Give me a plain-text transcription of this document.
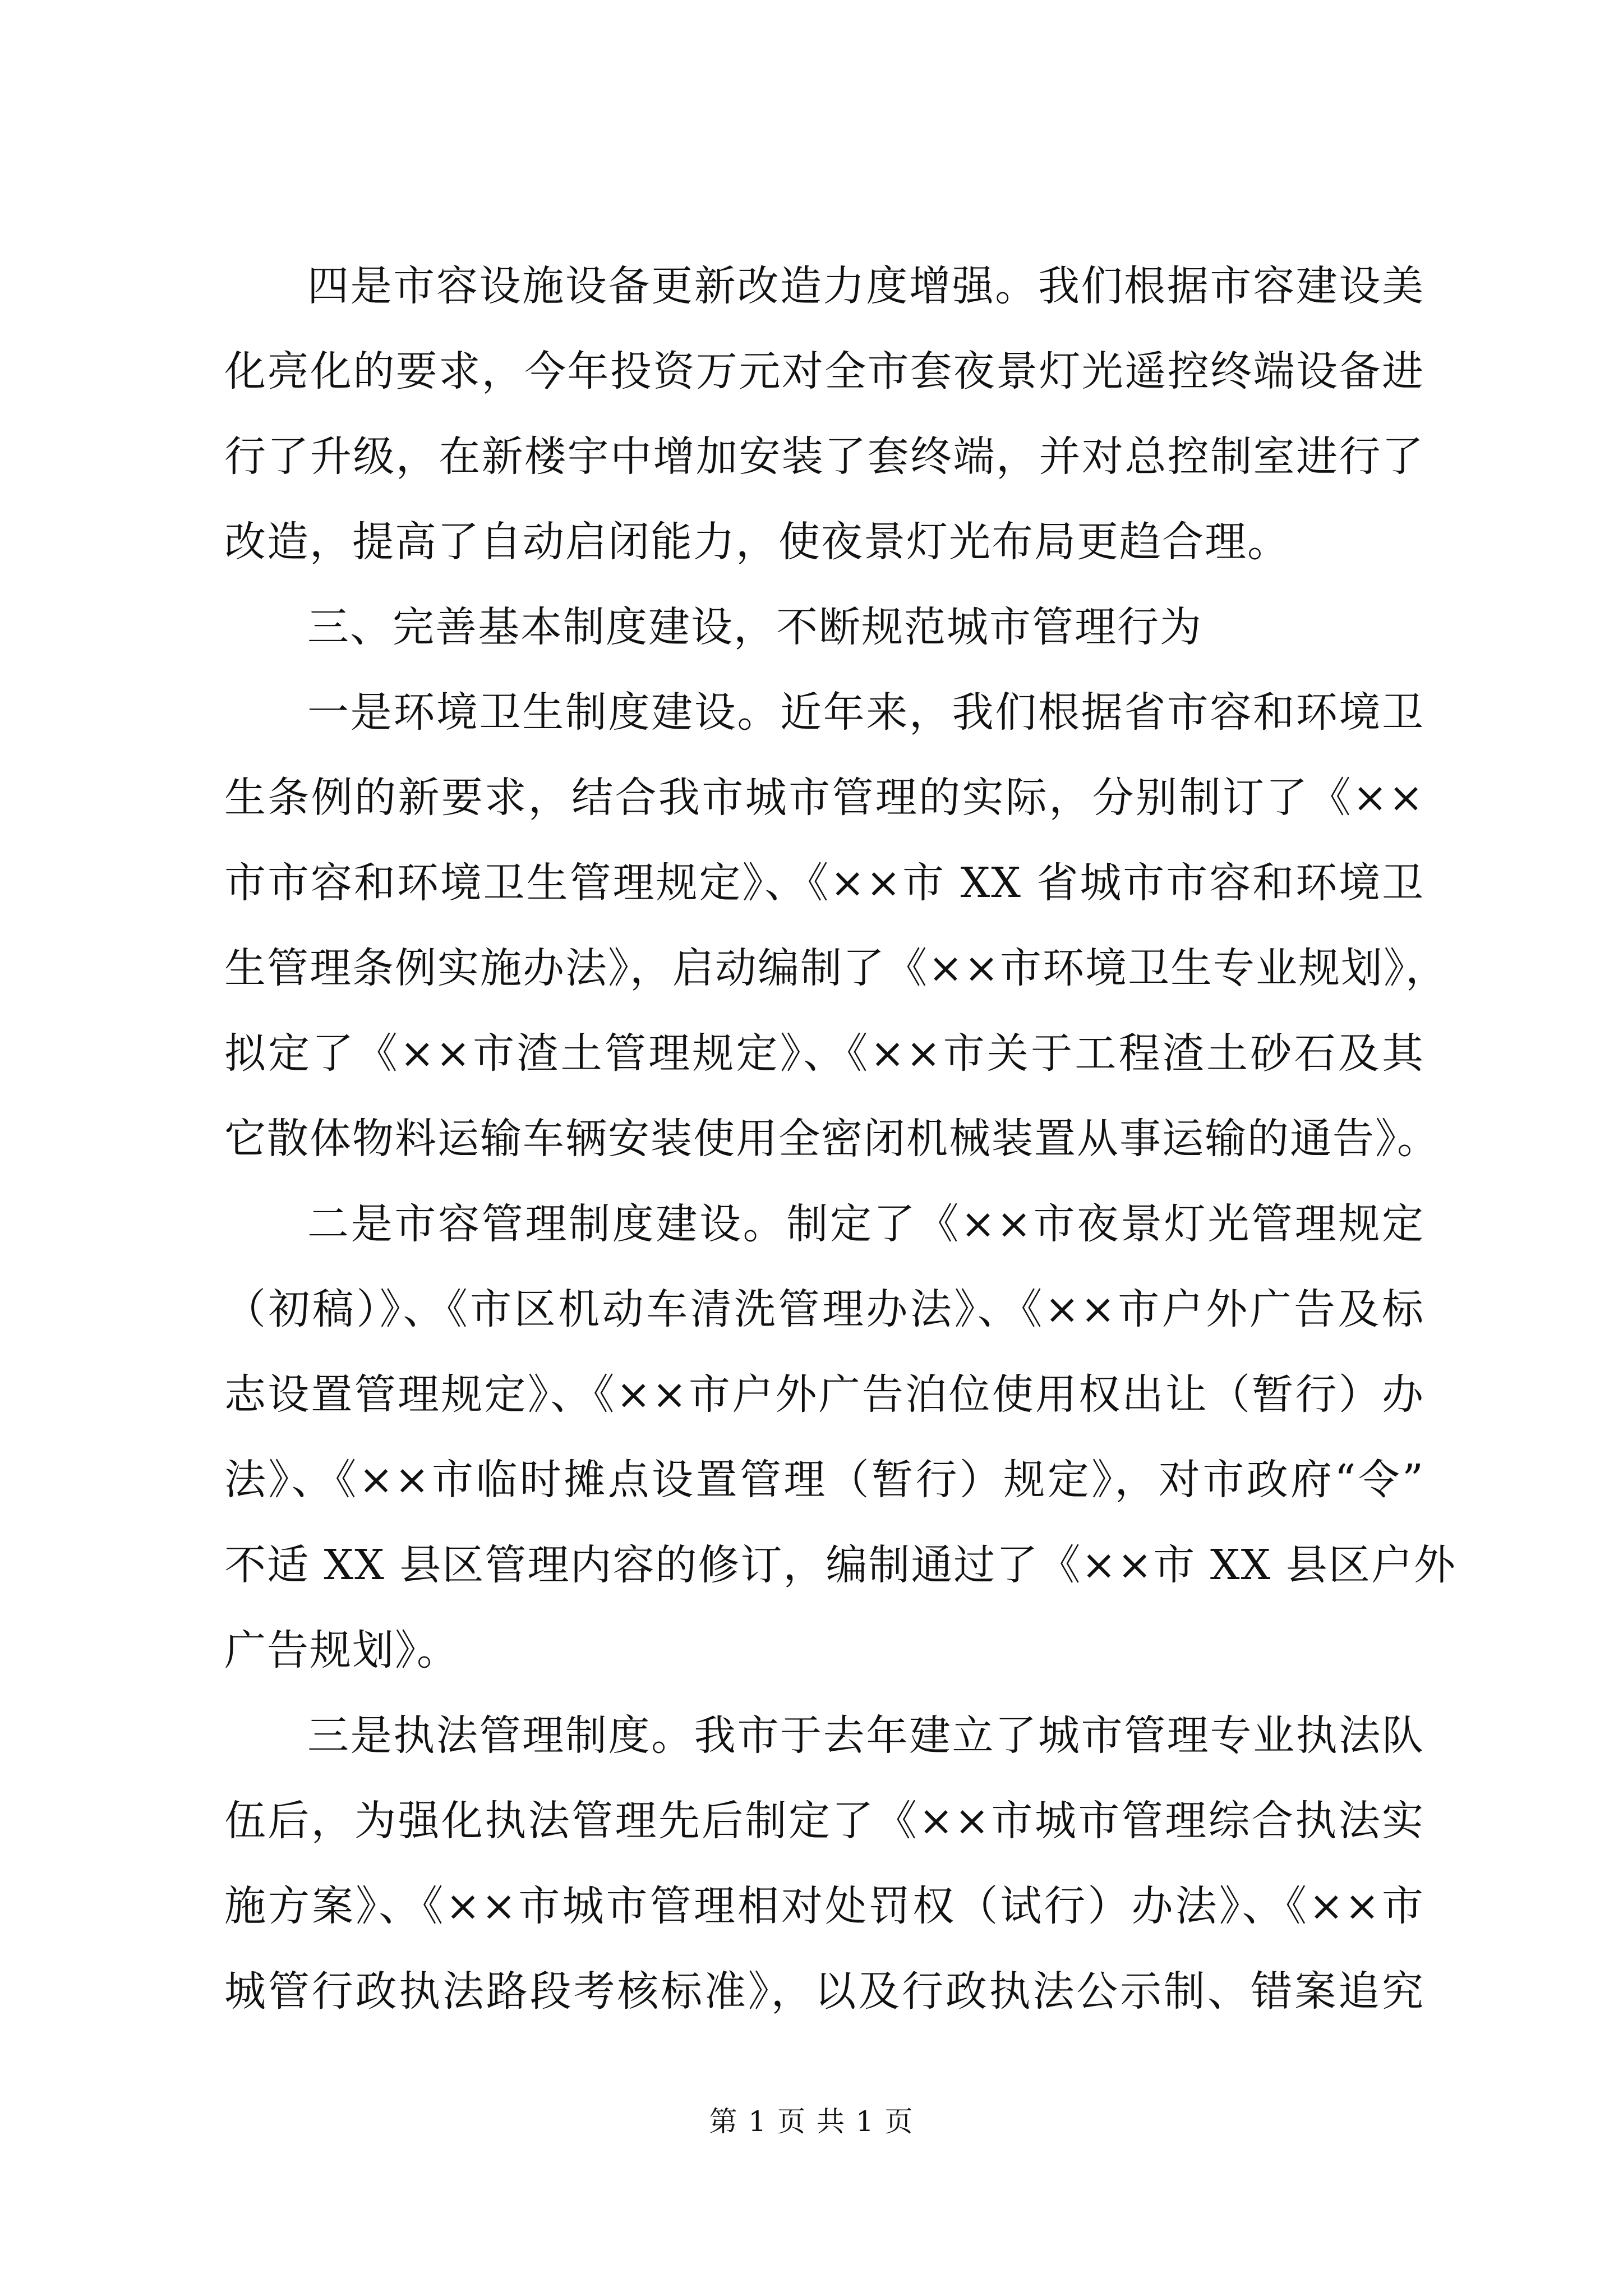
四是市容设施设备更新改造力度增强。我们根据市容建设美
化亮化的要求，今年投资万元对全市套夜景灯光遥控终端设备进
行了升级，在新楼宇中增加安装了套终端，并对总控制室进行了
改造，提高了自动启闭能力，使夜景灯光布局更趋合理。
三、完善基本制度建设，不断规范城市管理行为
一是环境卫生制度建设。近年来，我们根据省市容和环境卫
生条例的新要求，结合我市城市管理的实际，分别制订了《××
市市容和环境卫生管理规定》、《××市 XX 省城市市容和环境卫
生管理条例实施办法》，启动编制了《××市环境卫生专业规划》，
拟定了《××市渣土管理规定》、《××市关于工程渣土砂石及其
它散体物料运输车辆安装使用全密闭机械装置从事运输的通告》。
二是市容管理制度建设。制定了《××市夜景灯光管理规定
（初稿）》、《市区机动车清洗管理办法》、《××市户外广告及标
志设置管理规定》、《××市户外广告泊位使用权出让（暂行）办
法》、《××市临时摊点设置管理（暂行）规定》，对市政府“令”
不适 XX 县区管理内容的修订，编制通过了《××市 XX 县区户外
广告规划》。
三是执法管理制度。我市于去年建立了城市管理专业执法队
伍后，为强化执法管理先后制定了《××市城市管理综合执法实
施方案》、《××市城市管理相对处罚权（试行）办法》、《××市
城管行政执法路段考核标准》，以及行政执法公示制、错案追究
第 1 页 共 1 页
